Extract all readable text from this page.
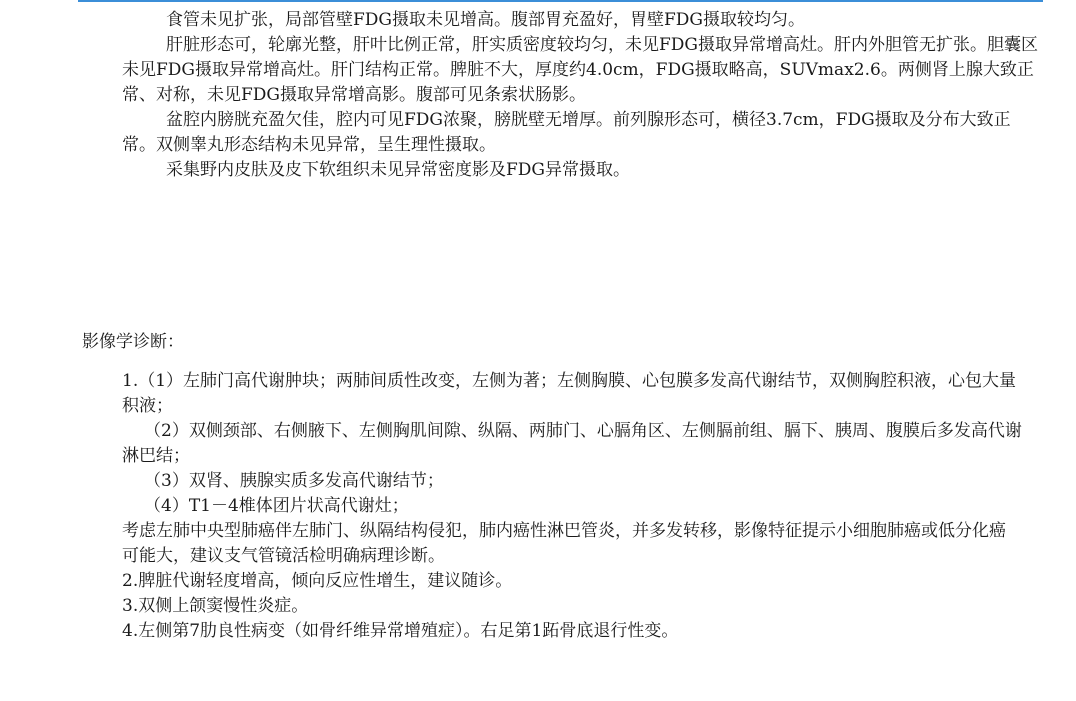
食管未见扩张，局部管壁FDG摄取未见增高。腹部胃充盈好，胃壁FDG摄取较均匀。

肝脏形态可，轮廓光整，肝叶比例正常，肝实质密度较均匀，未见FDG摄取异常增高灶。肝内外胆管无扩张。胆囊区未见FDG摄取异常增高灶。肝门结构正常。脾脏不大，厚度约4.0cm，FDG摄取略高，SUVmax2.6。两侧肾上腺大致正常、对称，未见FDG摄取异常增高影。腹部可见条索状肠影。

盆腔内膀胱充盈欠佳，腔内可见FDG浓聚，膀胱壁无增厚。前列腺形态可，横径3.7cm，FDG摄取及分布大致正常。双侧睾丸形态结构未见异常，呈生理性摄取。

采集野内皮肤及皮下软组织未见异常密度影及FDG异常摄取。

影像学诊断：

1.（1）左肺门高代谢肿块；两肺间质性改变，左侧为著；左侧胸膜、心包膜多发高代谢结节，双侧胸腔积液，心包大量积液；

（2）双侧颈部、右侧腋下、左侧胸肌间隙、纵隔、两肺门、心膈角区、左侧膈前组、膈下、胰周、腹膜后多发高代谢淋巴结；

（3）双肾、胰腺实质多发高代谢结节；

（4）T1－4椎体团片状高代谢灶；

考虑左肺中央型肺癌伴左肺门、纵隔结构侵犯，肺内癌性淋巴管炎，并多发转移，影像特征提示小细胞肺癌或低分化癌可能大，建议支气管镜活检明确病理诊断。

2.脾脏代谢轻度增高，倾向反应性增生，建议随诊。

3.双侧上颌窦慢性炎症。

4.左侧第7肋良性病变（如骨纤维异常增殖症）。右足第1跖骨底退行性变。
